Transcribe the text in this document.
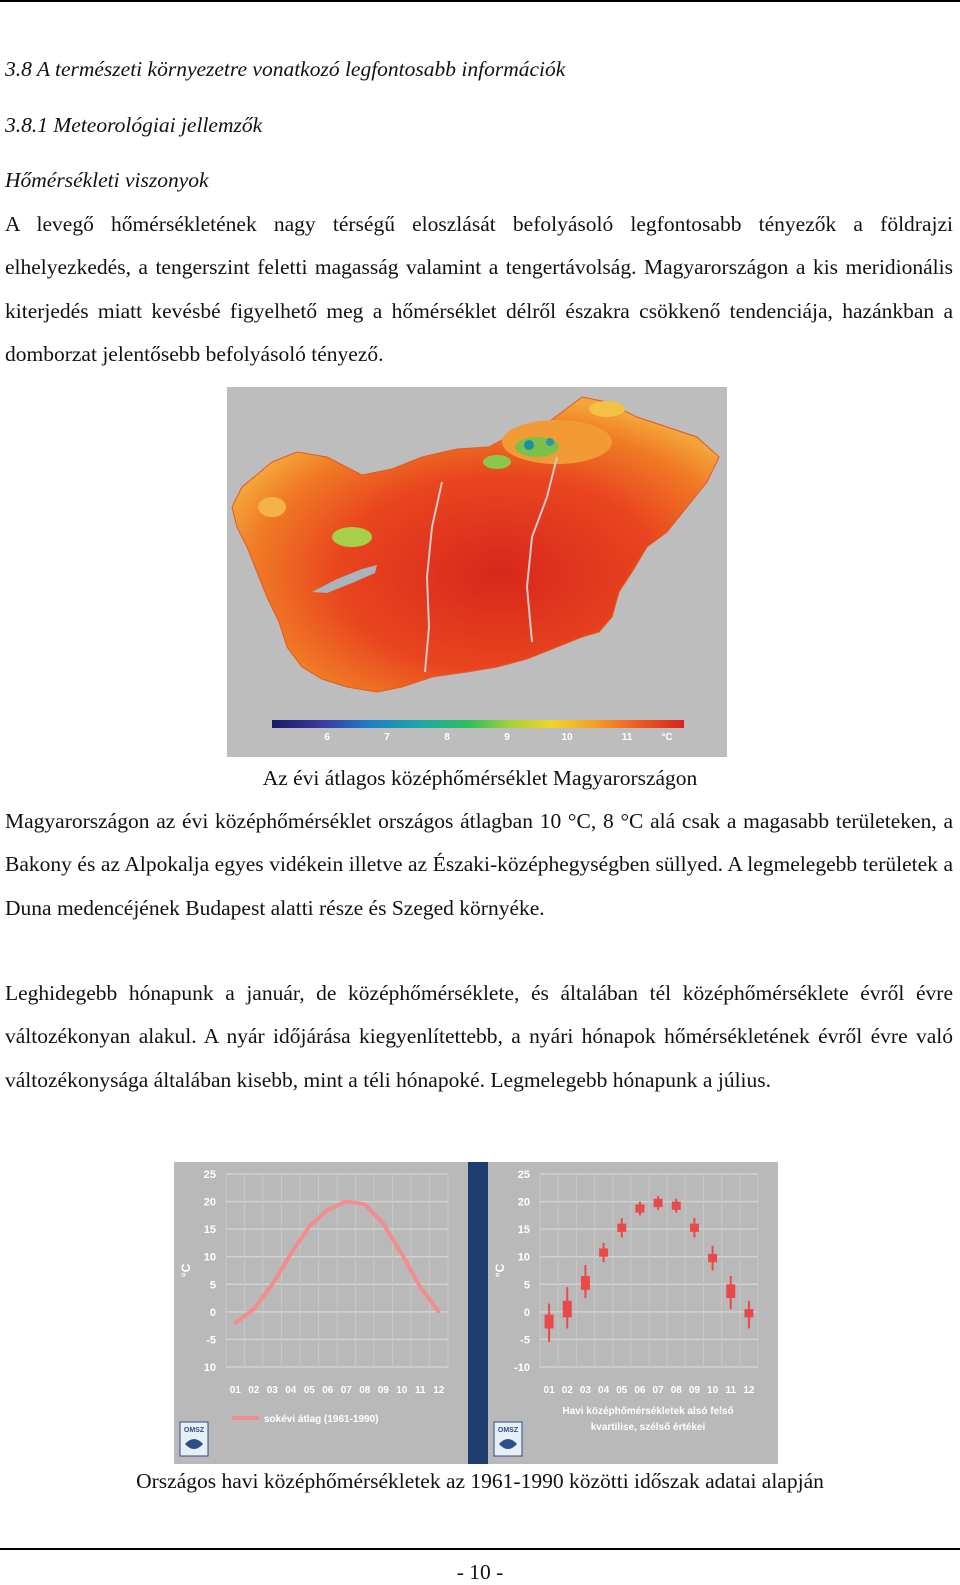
3.8 A természeti környezetre vonatkozó legfontosabb információk
3.8.1 Meteorológiai jellemzők
Hőmérsékleti viszonyok

A levegő hőmérsékletének nagy térségű eloszlását befolyásoló legfontosabb tényezők a földrajzi elhelyezkedés, a tengerszint feletti magasság valamint a tengertávolság. Magyarországon a kis meridionális kiterjedés miatt kevésbé figyelhető meg a hőmérséklet délről északra csökkenő tendenciája, hazánkban a domborzat jelentősebb befolyásoló tényező.

6	7	8	9	10	11	°C
Az évi átlagos középhőmérséklet Magyarországon

Magyarországon az évi középhőmérséklet országos átlagban 10 °C, 8 °C alá csak a magasabb területeken, a Bakony és az Alpokalja egyes vidékein illetve az Északi-középhegységben süllyed. A legmelegebb területek a Duna medencéjének Budapest alatti része és Szeged környéke.

Leghidegebb hónapunk a január, de középhőmérséklete, és általában tél középhőmérséklete évről évre változékonyan alakul. A nyár időjárása kiegyenlítettebb, a nyári hónapok hőmérsékletének évről évre való változékonysága általában kisebb, mint a téli hónapoké. Legmelegebb hónapunk a július.

25
20
15
10
5
0
-5
10
°C
01 02 03 04 05 06 07 08 09 10 11 12
OMSZ
sokévi átlag (1961-1990)
25
20
15
10
5
0
-5
-10
°C
01 02 03 04 05 06 07 08 09 10 11 12
OMSZ
Havi középhőmérsékletek alsó felső
kvartilise, szélső értékei
Országos havi középhőmérsékletek az 1961-1990 közötti időszak adatai alapján
- 10 -
